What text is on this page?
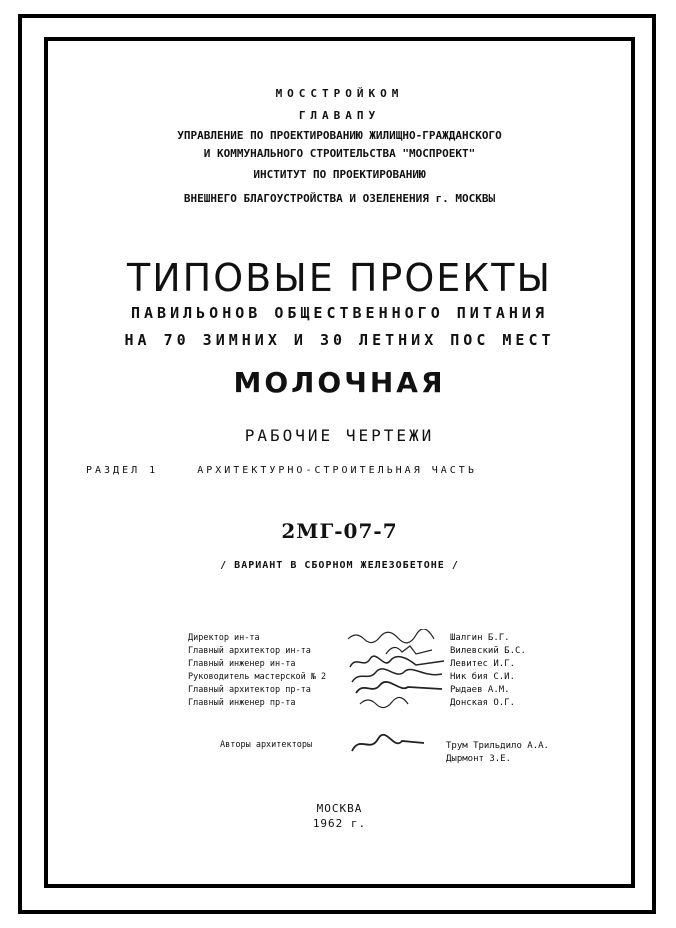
МОССТРОЙКОМ
ГЛАВАПУ
УПРАВЛЕНИЕ ПО ПРОЕКТИРОВАНИЮ ЖИЛИЩНО-ГРАЖДАНСКОГО
И КОММУНАЛЬНОГО СТРОИТЕЛЬСТВА "МОСПРОЕКТ"
ИНСТИТУТ ПО ПРОЕКТИРОВАНИЮ
ВНЕШНЕГО БЛАГОУСТРОЙСТВА И ОЗЕЛЕНЕНИЯ г. МОСКВЫ
ТИПОВЫЕ ПРОЕКТЫ
ПАВИЛЬОНОВ ОБЩЕСТВЕННОГО ПИТАНИЯ
НА 70 ЗИМНИХ И 30 ЛЕТНИХ ПОС МЕСТ
МОЛОЧНАЯ
РАБОЧИЕ ЧЕРТЕЖИ
РАЗДЕЛ 1	АРХИТЕКТУРНО-СТРОИТЕЛЬНАЯ ЧАСТЬ
2МГ-07-7
/ ВАРИАНТ В СБОРНОМ ЖЕЛЕЗОБЕТОНЕ /
Директор ин-та	Шалгин Б.Г.
Главный архитектор ин-та	Вилевский Б.С.
Главный инженер ин-та	Левитес И.Г.
Руководитель мастерской № 2	Ник бия С.И.
Главный архитектор пр-та	Рыдаев А.М.
Главный инженер пр-та	Донская О.Г.
Авторы архитекторы	Трум Трильдило А.А.
Дырмонт З.Е.
МОСКВА
1962 г.
